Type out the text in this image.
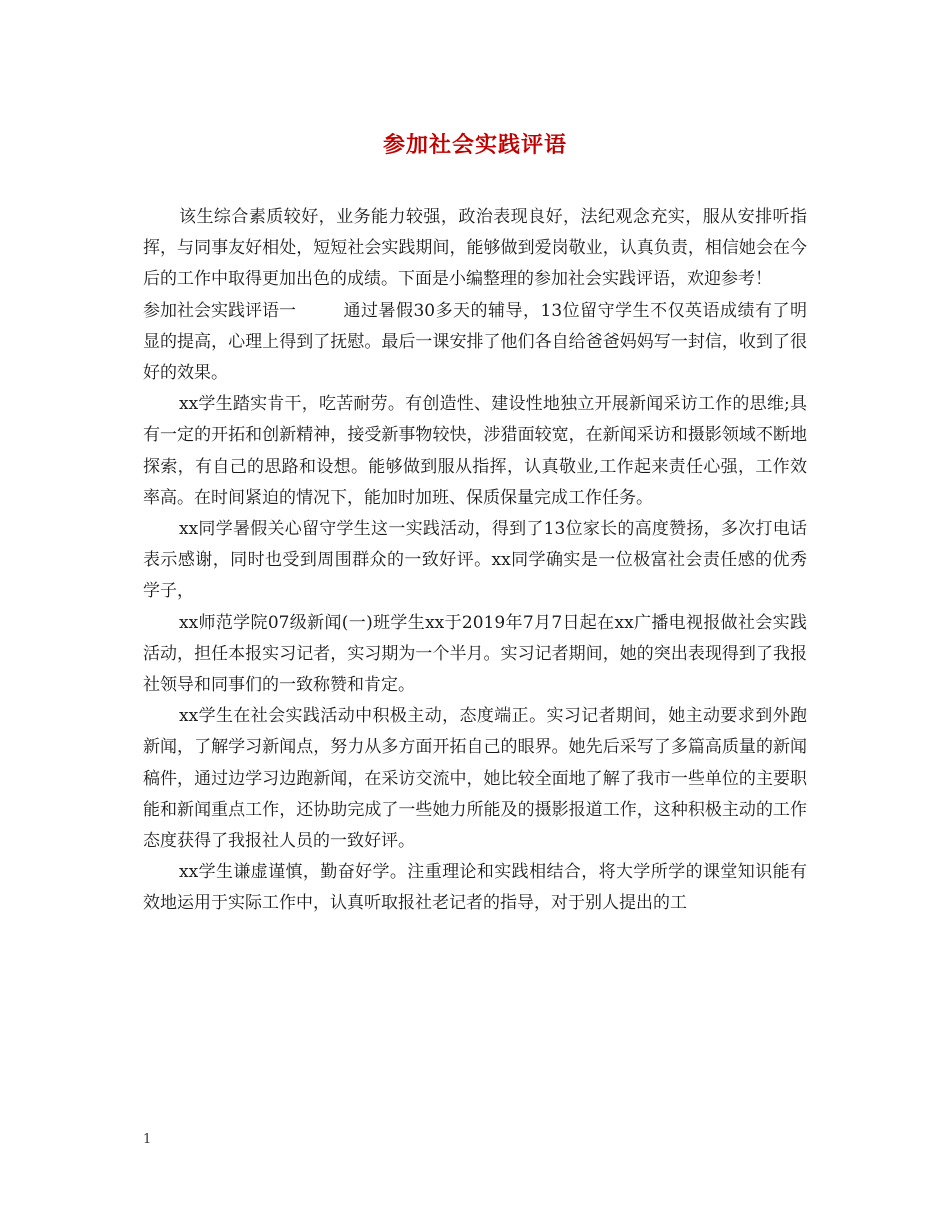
参加社会实践评语

该生综合素质较好，业务能力较强，政治表现良好，法纪观念充实，服从安排听指挥，与同事友好相处，短短社会实践期间，能够做到爱岗敬业，认真负责，相信她会在今后的工作中取得更加出色的成绩。下面是小编整理的参加社会实践评语，欢迎参考！

参加社会实践评语一	通过暑假30多天的辅导，13位留守学生不仅英语成绩有了明显的提高，心理上得到了抚慰。最后一课安排了他们各自给爸爸妈妈写一封信，收到了很好的效果。

xx学生踏实肯干，吃苦耐劳。有创造性、建设性地独立开展新闻采访工作的思维;具有一定的开拓和创新精神，接受新事物较快，涉猎面较宽，在新闻采访和摄影领域不断地探索，有自己的思路和设想。能够做到服从指挥，认真敬业,工作起来责任心强，工作效率高。在时间紧迫的情况下，能加时加班、保质保量完成工作任务。

xx同学暑假关心留守学生这一实践活动，得到了13位家长的高度赞扬，多次打电话表示感谢，同时也受到周围群众的一致好评。xx同学确实是一位极富社会责任感的优秀学子，

xx师范学院07级新闻(一)班学生xx于2019年7月7日起在xx广播电视报做社会实践活动，担任本报实习记者，实习期为一个半月。实习记者期间，她的突出表现得到了我报社领导和同事们的一致称赞和肯定。

xx学生在社会实践活动中积极主动，态度端正。实习记者期间，她主动要求到外跑新闻，了解学习新闻点，努力从多方面开拓自己的眼界。她先后采写了多篇高质量的新闻稿件，通过边学习边跑新闻，在采访交流中，她比较全面地了解了我市一些单位的主要职能和新闻重点工作，还协助完成了一些她力所能及的摄影报道工作，这种积极主动的工作态度获得了我报社人员的一致好评。

xx学生谦虚谨慎，勤奋好学。注重理论和实践相结合，将大学所学的课堂知识能有效地运用于实际工作中，认真听取报社老记者的指导，对于别人提出的工

1
